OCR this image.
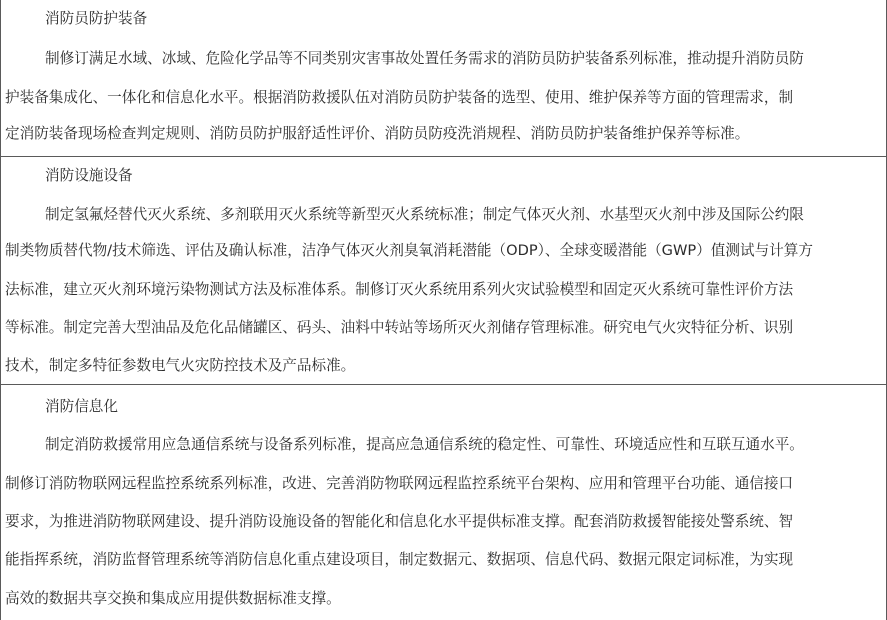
消防员防护装备
制修订满足水域、冰域、危险化学品等不同类别灾害事故处置任务需求的消防员防护装备系列标准，推动提升消防员防
护装备集成化、一体化和信息化水平。根据消防救援队伍对消防员防护装备的选型、使用、维护保养等方面的管理需求，制
定消防装备现场检查判定规则、消防员防护服舒适性评价、消防员防疫洗消规程、消防员防护装备维护保养等标准。
消防设施设备
制定氢氟烃替代灭火系统、多剂联用灭火系统等新型灭火系统标准；制定气体灭火剂、水基型灭火剂中涉及国际公约限
制类物质替代物/技术筛选、评估及确认标准，洁净气体灭火剂臭氧消耗潜能（ODP）、全球变暖潜能（GWP）值测试与计算方
法标准，建立灭火剂环境污染物测试方法及标准体系。制修订灭火系统用系列火灾试验模型和固定灭火系统可靠性评价方法
等标准。制定完善大型油品及危化品储罐区、码头、油料中转站等场所灭火剂储存管理标准。研究电气火灾特征分析、识别
技术，制定多特征参数电气火灾防控技术及产品标准。
消防信息化
制定消防救援常用应急通信系统与设备系列标准，提高应急通信系统的稳定性、可靠性、环境适应性和互联互通水平。
制修订消防物联网远程监控系统系列标准，改进、完善消防物联网远程监控系统平台架构、应用和管理平台功能、通信接口
要求，为推进消防物联网建设、提升消防设施设备的智能化和信息化水平提供标准支撑。配套消防救援智能接处警系统、智
能指挥系统，消防监督管理系统等消防信息化重点建设项目，制定数据元、数据项、信息代码、数据元限定词标准，为实现
高效的数据共享交换和集成应用提供数据标准支撑。
